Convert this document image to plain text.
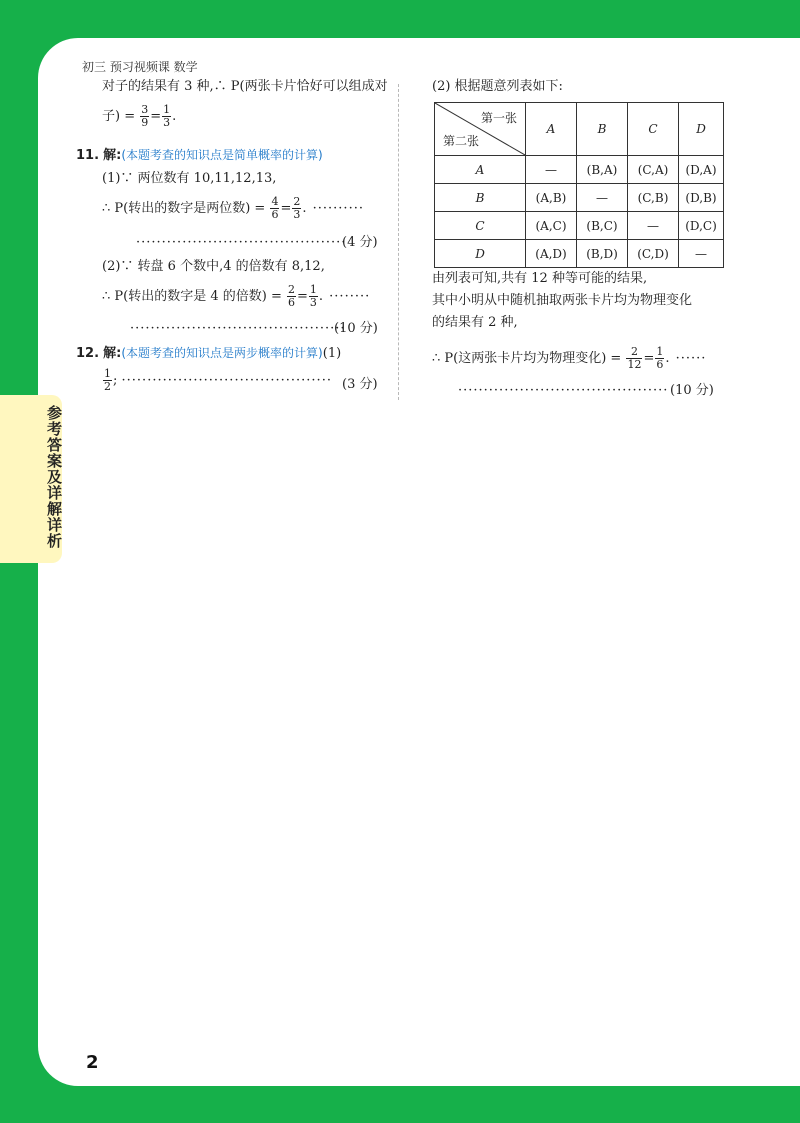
参考答案及详解详析
初三 预习视频课 数学
对子的结果有 3 种,∴ P(两张卡片恰好可以组成对
子) = $\frac{3}{9} = \frac{1}{3}$ .
11. 解:(本题考查的知识点是简单概率的计算)
(1)∵ 两位数有 10,11,12,13,
∴ P(转出的数字是两位数) = $\frac{4}{6} = \frac{2}{3}$ . ··········
·········································
(4 分)
(2)∵ 转盘 6 个数中,4 的倍数有 8,12,
∴ P(转出的数字是 4 的倍数) = $\frac{2}{6} = \frac{1}{3}$ . ········
··········································
(10 分)
12. 解:(本题考查的知识点是两步概率的计算)(1)
$\frac{1}{2}$ ; ········································· (3 分)
(2) 根据题意列表如下:
第一张
第二张	A	B	C	D
A	—	(B,A)	(C,A)	(D,A)
B	(A,B)	—	(C,B)	(D,B)
C	(A,C)	(B,C)	—	(D,C)
D	(A,D)	(B,D)	(C,D)	—
由列表可知,共有 12 种等可能的结果,
其中小明从中随机抽取两张卡片均为物理变化
的结果有 2 种,
∴ P(这两张卡片均为物理变化) = $\frac{2}{12} = \frac{1}{6}$ . ······
········································· (10 分)
2
